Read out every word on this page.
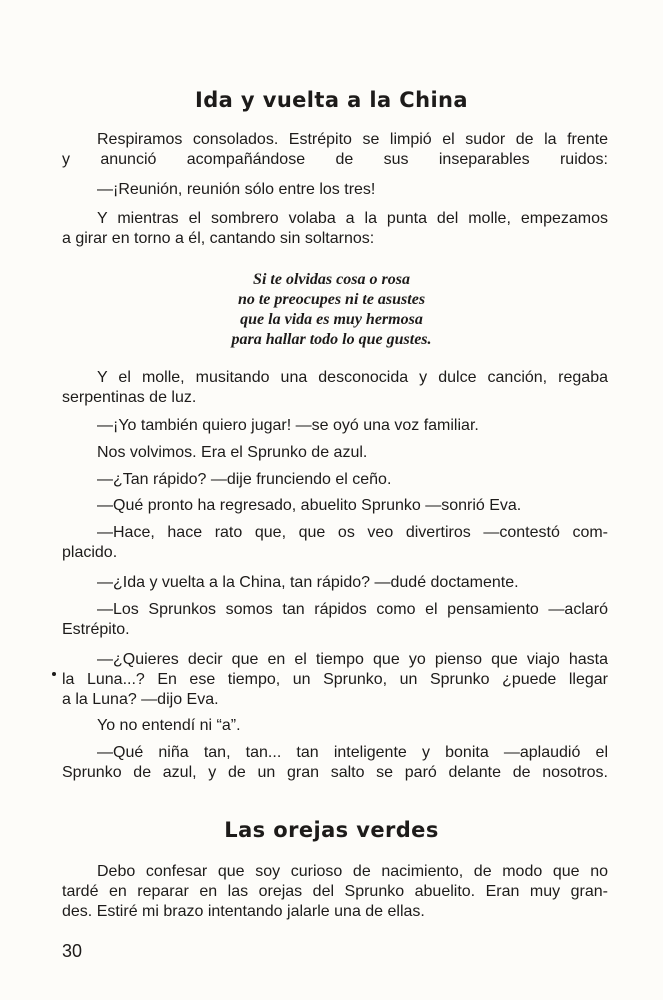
Ida y vuelta a la China
Respiramos consolados. Estrépito se limpió el sudor de la frente
y anunció acompañándose de sus inseparables ruidos:
—¡Reunión, reunión sólo entre los tres!
Y mientras el sombrero volaba a la punta del molle, empezamos
a girar en torno a él, cantando sin soltarnos:
Si te olvidas cosa o rosa
no te preocupes ni te asustes
que la vida es muy hermosa
para hallar todo lo que gustes.
Y el molle, musitando una desconocida y dulce canción, regaba
serpentinas de luz.
—¡Yo también quiero jugar! —se oyó una voz familiar.
Nos volvimos. Era el Sprunko de azul.
—¿Tan rápido? —dije frunciendo el ceño.
—Qué pronto ha regresado, abuelito Sprunko —sonrió Eva.
—Hace, hace rato que, que os veo divertiros —contestó com-
placido.
—¿Ida y vuelta a la China, tan rápido? —dudé doctamente.
—Los Sprunkos somos tan rápidos como el pensamiento —aclaró
Estrépito.
—¿Quieres decir que en el tiempo que yo pienso que viajo hasta
la Luna...? En ese tiempo, un Sprunko, un Sprunko ¿puede llegar
a la Luna? —dijo Eva.
Yo no entendí ni “a”.
—Qué niña tan, tan... tan inteligente y bonita —aplaudió el
Sprunko de azul, y de un gran salto se paró delante de nosotros.
Las orejas verdes
Debo confesar que soy curioso de nacimiento, de modo que no
tardé en reparar en las orejas del Sprunko abuelito. Eran muy gran-
des. Estiré mi brazo intentando jalarle una de ellas.
30
